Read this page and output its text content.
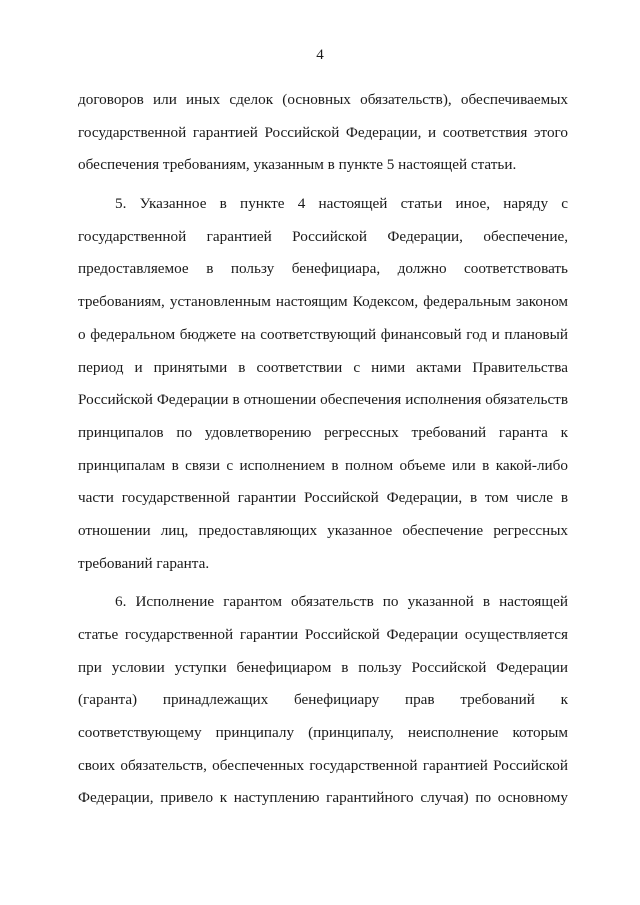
4

договоров или иных сделок (основных обязательств), обеспечиваемых
государственной гарантией Российской Федерации, и соответствия этого
обеспечения требованиям, указанным в пункте 5 настоящей статьи.

5. Указанное в пункте 4 настоящей статьи иное, наряду с
государственной гарантией Российской Федерации, обеспечение,
предоставляемое в пользу бенефициара, должно соответствовать
требованиям, установленным настоящим Кодексом, федеральным законом
о федеральном бюджете на соответствующий финансовый год и плановый
период и принятыми в соответствии с ними актами Правительства
Российской Федерации в отношении обеспечения исполнения обязательств
принципалов по удовлетворению регрессных требований гаранта к
принципалам в связи с исполнением в полном объеме или в какой-либо
части государственной гарантии Российской Федерации, в том числе в
отношении лиц, предоставляющих указанное обеспечение регрессных
требований гаранта.

6. Исполнение гарантом обязательств по указанной в настоящей
статье государственной гарантии Российской Федерации осуществляется
при условии уступки бенефициаром в пользу Российской Федерации
(гаранта) принадлежащих бенефициару прав требований к
соответствующему принципалу (принципалу, неисполнение которым
своих обязательств, обеспеченных государственной гарантией Российской
Федерации, привело к наступлению гарантийного случая) по основному
